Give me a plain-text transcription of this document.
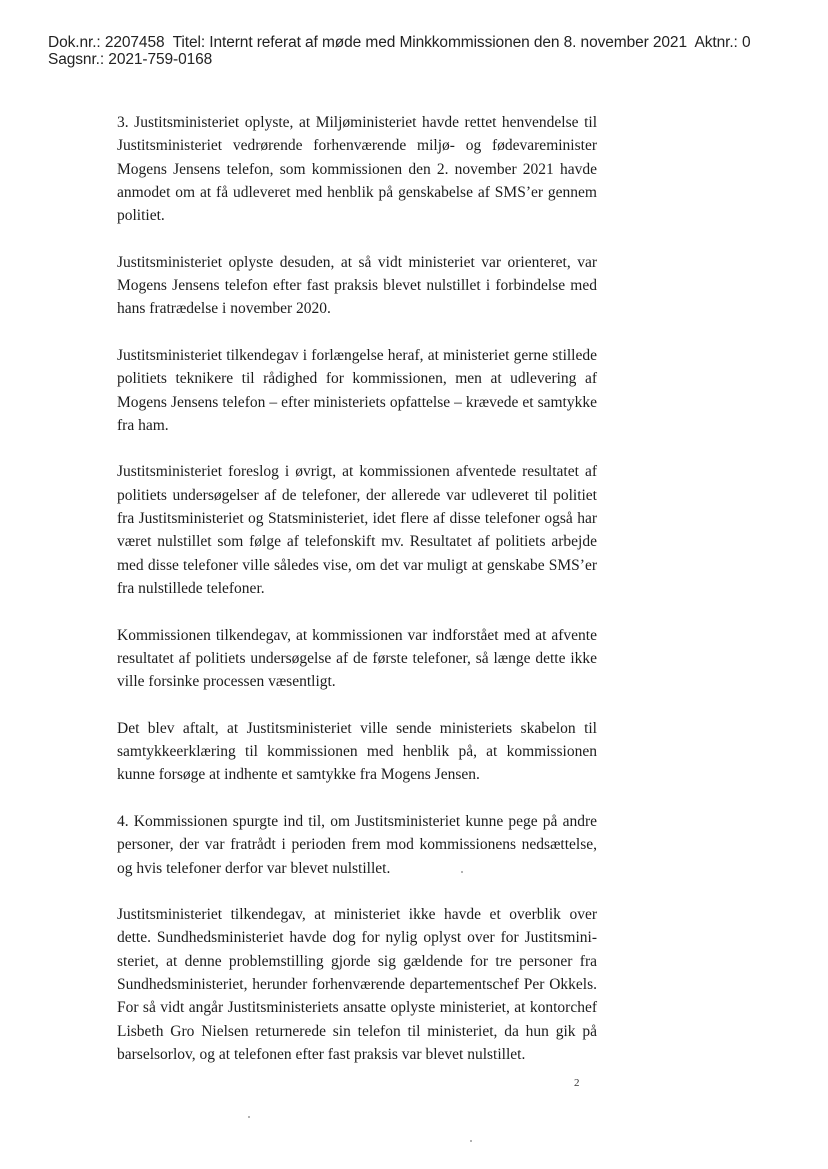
Dok.nr.: 2207458 Titel: Internt referat af møde med Minkkommissionen den 8. november 2021 Aktnr.: 0
Sagsnr.: 2021-759-0168

3. Justitsministeriet oplyste, at Miljøministeriet havde rettet henvendelse til Justitsministeriet vedrørende forhenværende miljø- og fødevareminister Mogens Jensens telefon, som kommissionen den 2. november 2021 havde anmodet om at få udleveret med henblik på genskabelse af SMS’er gennem politiet.

Justitsministeriet oplyste desuden, at så vidt ministeriet var orienteret, var Mogens Jensens telefon efter fast praksis blevet nulstillet i forbindelse med hans fratrædelse i november 2020.

Justitsministeriet tilkendegav i forlængelse heraf, at ministeriet gerne stillede politiets teknikere til rådighed for kommissionen, men at udlevering af Mogens Jensens telefon – efter ministeriets opfattelse – krævede et samtykke fra ham.

Justitsministeriet foreslog i øvrigt, at kommissionen afventede resultatet af politiets undersøgelser af de telefoner, der allerede var udleveret til politiet fra Justitsministeriet og Statsministeriet, idet flere af disse telefoner også har været nulstillet som følge af telefonskift mv. Resultatet af politiets arbejde med disse telefoner ville således vise, om det var muligt at genskabe SMS’er fra nulstillede telefoner.

Kommissionen tilkendegav, at kommissionen var indforstået med at afvente resultatet af politiets undersøgelse af de første telefoner, så længe dette ikke ville forsinke processen væsentligt.

Det blev aftalt, at Justitsministeriet ville sende ministeriets skabelon til samtykkeerklæring til kommissionen med henblik på, at kommissionen kunne forsøge at indhente et samtykke fra Mogens Jensen.

4. Kommissionen spurgte ind til, om Justitsministeriet kunne pege på andre personer, der var fratrådt i perioden frem mod kommissionens nedsættelse, og hvis telefoner derfor var blevet nulstillet.

Justitsministeriet tilkendegav, at ministeriet ikke havde et overblik over dette. Sundhedsministeriet havde dog for nylig oplyst over for Justitsministeriet, at denne problemstilling gjorde sig gældende for tre personer fra Sundhedsministeriet, herunder forhenværende departementschef Per Okkels. For så vidt angår Justitsministeriets ansatte oplyste ministeriet, at kontorchef Lisbeth Gro Nielsen returnerede sin telefon til ministeriet, da hun gik på barselsorlov, og at telefonen efter fast praksis var blevet nulstillet.

2
